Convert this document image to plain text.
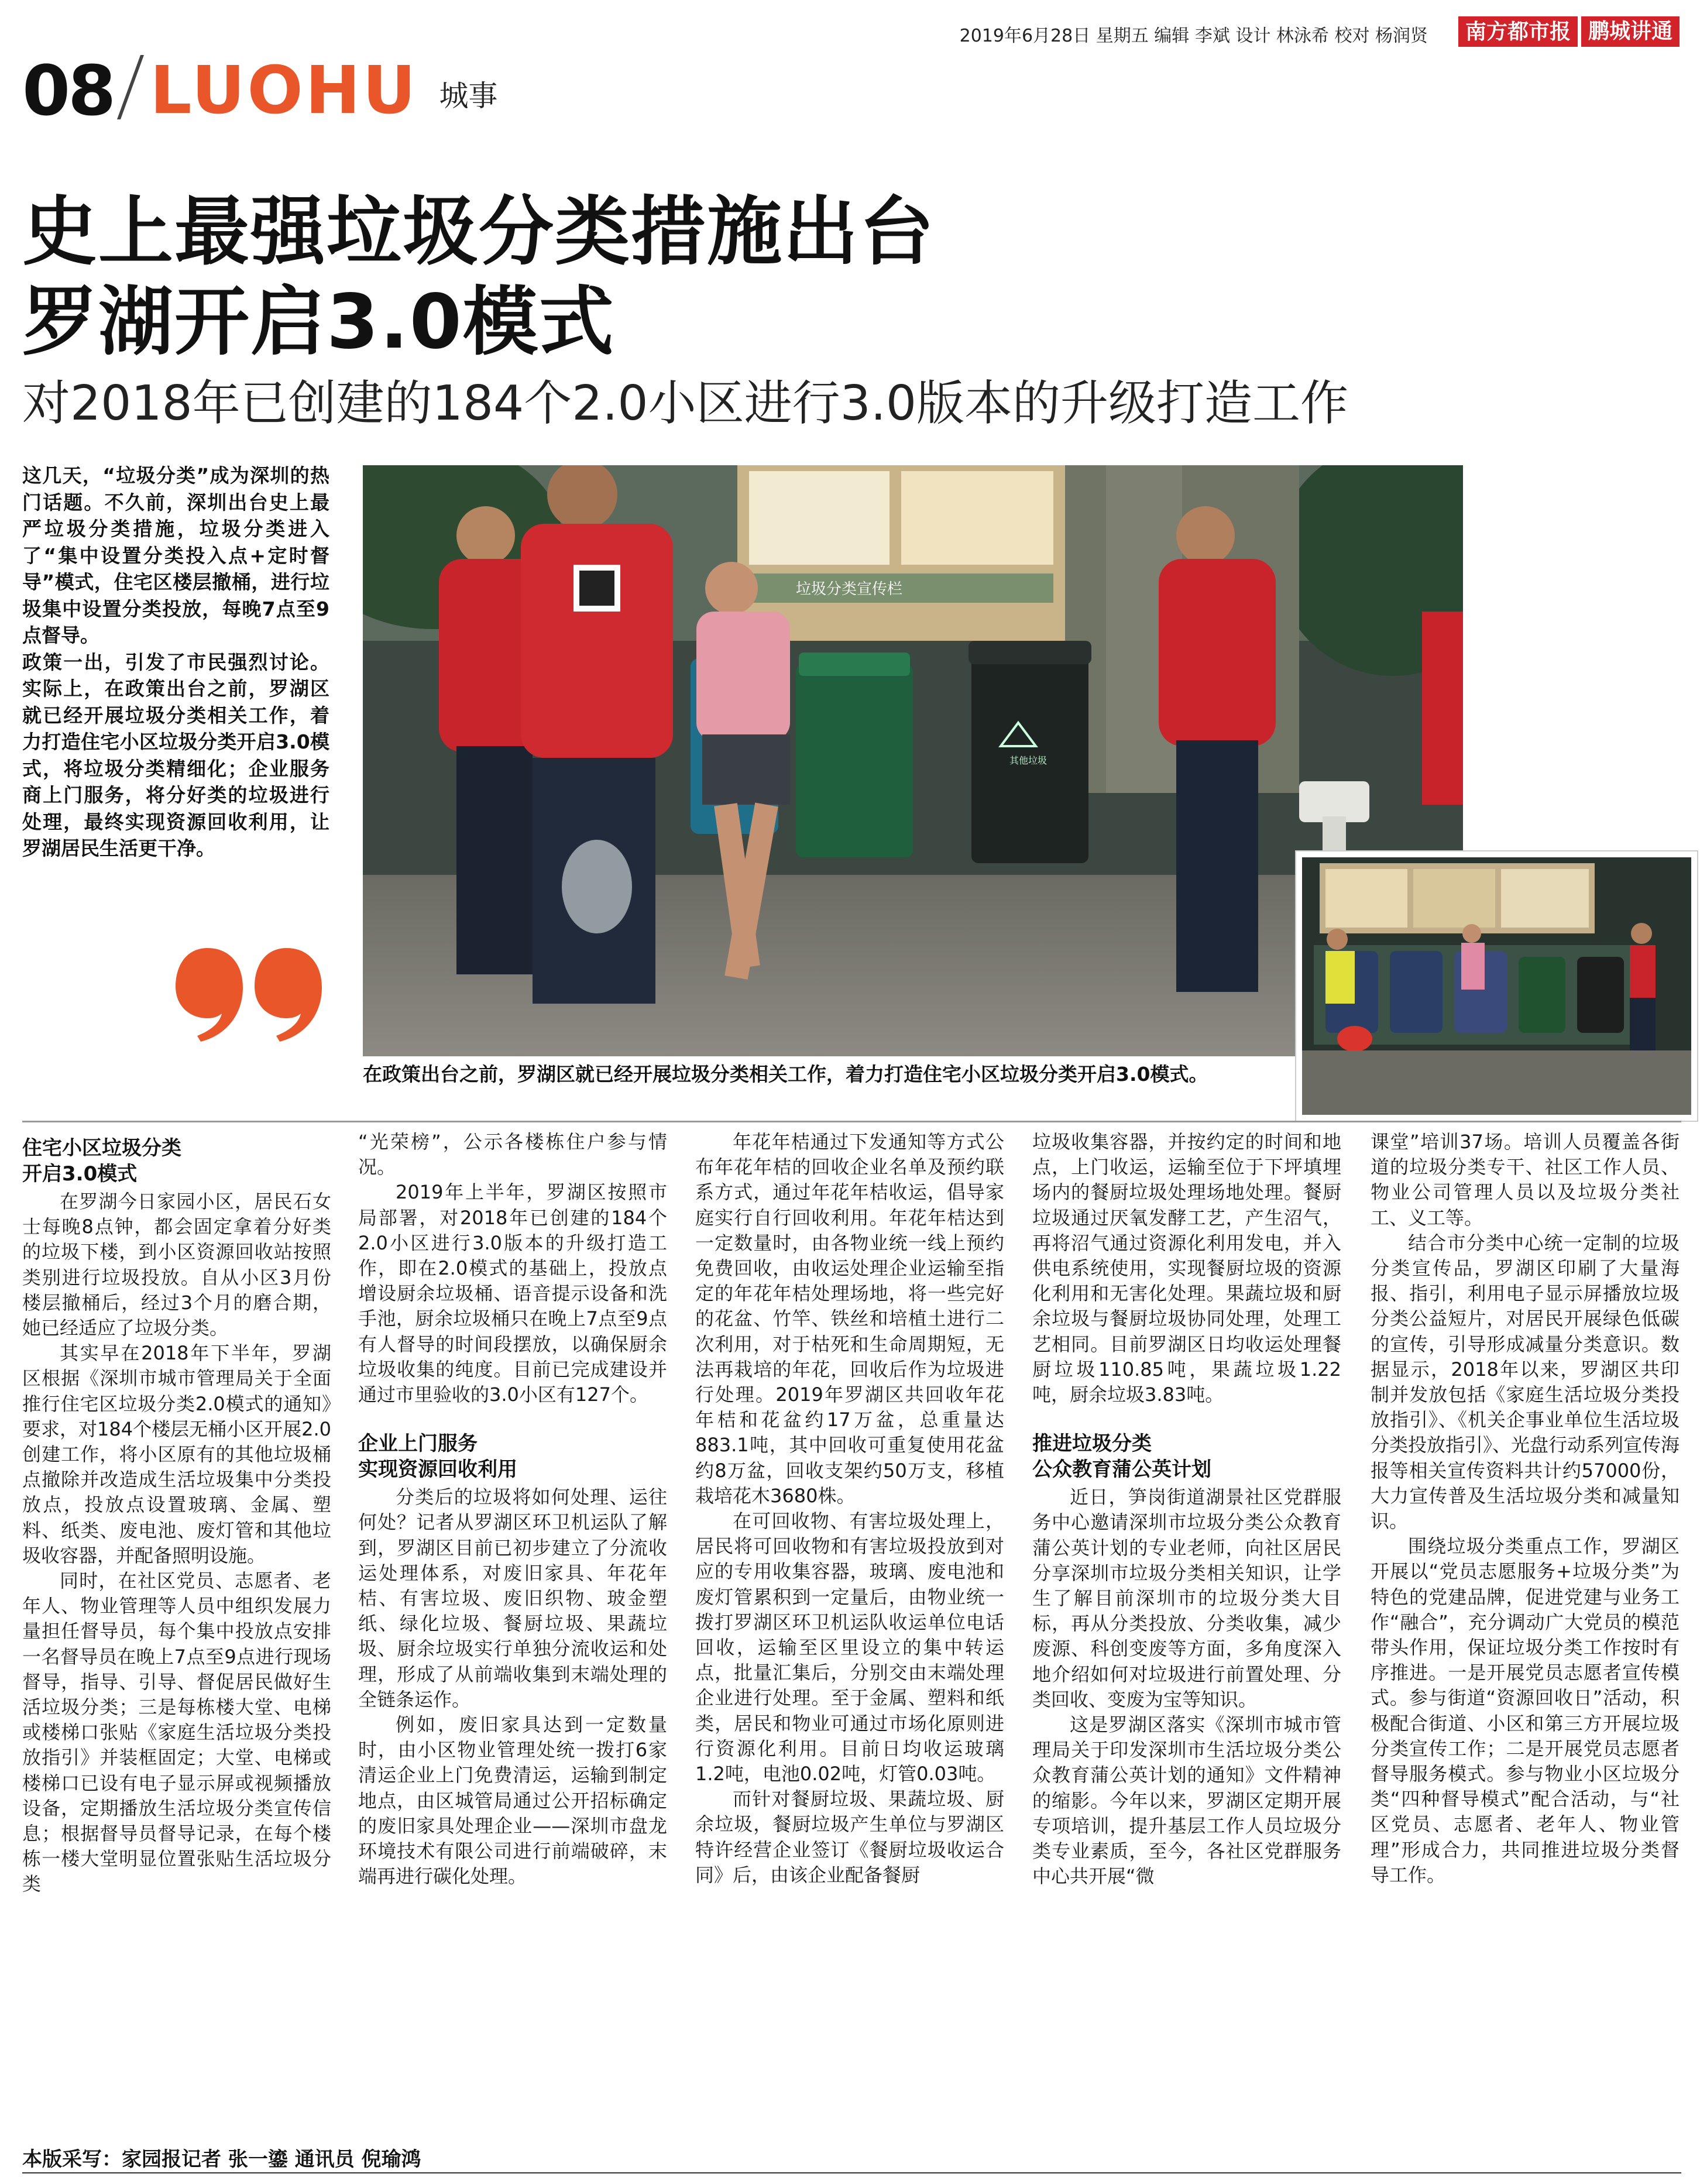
2019年6月28日 星期五 编辑 李斌 设计 林泳希 校对 杨润贤	南方都市报 鹏城讲通
08 LUOHU 城事
史上最强垃圾分类措施出台
罗湖开启3.0模式
对2018年已创建的184个2.0小区进行3.0版本的升级打造工作

这几天，“垃圾分类”成为深圳的热门话题。不久前，深圳出台史上最严垃圾分类措施，垃圾分类进入了“集中设置分类投入点+定时督导”模式，住宅区楼层撤桶，进行垃圾集中设置分类投放，每晚7点至9点督导。

政策一出，引发了市民强烈讨论。实际上，在政策出台之前，罗湖区就已经开展垃圾分类相关工作，着力打造住宅小区垃圾分类开启3.0模式，将垃圾分类精细化；企业服务商上门服务，将分好类的垃圾进行处理，最终实现资源回收利用，让罗湖居民生活更干净。

垃圾分类宣传栏
其他垃圾
在政策出台之前，罗湖区就已经开展垃圾分类相关工作，着力打造住宅小区垃圾分类开启3.0模式。
住宅小区垃圾分类
开启3.0模式

在罗湖今日家园小区，居民石女士每晚8点钟，都会固定拿着分好类的垃圾下楼，到小区资源回收站按照类别进行垃圾投放。自从小区3月份楼层撤桶后，经过3个月的磨合期，她已经适应了垃圾分类。

其实早在2018年下半年，罗湖区根据《深圳市城市管理局关于全面推行住宅区垃圾分类2.0模式的通知》要求，对184个楼层无桶小区开展2.0创建工作，将小区原有的其他垃圾桶点撤除并改造成生活垃圾集中分类投放点，投放点设置玻璃、金属、塑料、纸类、废电池、废灯管和其他垃圾收容器，并配备照明设施。

同时，在社区党员、志愿者、老年人、物业管理等人员中组织发展力量担任督导员，每个集中投放点安排一名督导员在晚上7点至9点进行现场督导，指导、引导、督促居民做好生活垃圾分类；三是每栋楼大堂、电梯或楼梯口张贴《家庭生活垃圾分类投放指引》并装框固定；大堂、电梯或楼梯口已设有电子显示屏或视频播放设备，定期播放生活垃圾分类宣传信息；根据督导员督导记录，在每个楼栋一楼大堂明显位置张贴生活垃圾分类

“光荣榜”，公示各楼栋住户参与情况。

2019年上半年，罗湖区按照市局部署，对2018年已创建的184个2.0小区进行3.0版本的升级打造工作，即在2.0模式的基础上，投放点增设厨余垃圾桶、语音提示设备和洗手池，厨余垃圾桶只在晚上7点至9点有人督导的时间段摆放，以确保厨余垃圾收集的纯度。目前已完成建设并通过市里验收的3.0小区有127个。

企业上门服务
实现资源回收利用

分类后的垃圾将如何处理、运往何处？记者从罗湖区环卫机运队了解到，罗湖区目前已初步建立了分流收运处理体系，对废旧家具、年花年桔、有害垃圾、废旧织物、玻金塑纸、绿化垃圾、餐厨垃圾、果蔬垃圾、厨余垃圾实行单独分流收运和处理，形成了从前端收集到末端处理的全链条运作。

例如，废旧家具达到一定数量时，由小区物业管理处统一拨打6家清运企业上门免费清运，运输到制定地点，由区城管局通过公开招标确定的废旧家具处理企业——深圳市盘龙环境技术有限公司进行前端破碎，末端再进行碳化处理。

年花年桔通过下发通知等方式公布年花年桔的回收企业名单及预约联系方式，通过年花年桔收运，倡导家庭实行自行回收利用。年花年桔达到一定数量时，由各物业统一线上预约免费回收，由收运处理企业运输至指定的年花年桔处理场地，将一些完好的花盆、竹竿、铁丝和培植土进行二次利用，对于枯死和生命周期短，无法再栽培的年花，回收后作为垃圾进行处理。2019年罗湖区共回收年花年桔和花盆约17万盆，总重量达883.1吨，其中回收可重复使用花盆约8万盆，回收支架约50万支，移植栽培花木3680株。

在可回收物、有害垃圾处理上，居民将可回收物和有害垃圾投放到对应的专用收集容器，玻璃、废电池和废灯管累积到一定量后，由物业统一拨打罗湖区环卫机运队收运单位电话回收，运输至区里设立的集中转运点，批量汇集后，分别交由末端处理企业进行处理。至于金属、塑料和纸类，居民和物业可通过市场化原则进行资源化利用。目前日均收运玻璃1.2吨，电池0.02吨，灯管0.03吨。

而针对餐厨垃圾、果蔬垃圾、厨余垃圾，餐厨垃圾产生单位与罗湖区特许经营企业签订《餐厨垃圾收运合同》后，由该企业配备餐厨

垃圾收集容器，并按约定的时间和地点，上门收运，运输至位于下坪填埋场内的餐厨垃圾处理场地处理。餐厨垃圾通过厌氧发酵工艺，产生沼气，再将沼气通过资源化利用发电，并入供电系统使用，实现餐厨垃圾的资源化利用和无害化处理。果蔬垃圾和厨余垃圾与餐厨垃圾协同处理，处理工艺相同。目前罗湖区日均收运处理餐厨垃圾110.85吨，果蔬垃圾1.22吨，厨余垃圾3.83吨。

推进垃圾分类
公众教育蒲公英计划

近日，笋岗街道湖景社区党群服务中心邀请深圳市垃圾分类公众教育蒲公英计划的专业老师，向社区居民分享深圳市垃圾分类相关知识，让学生了解目前深圳市的垃圾分类大目标，再从分类投放、分类收集，减少废源、科创变废等方面，多角度深入地介绍如何对垃圾进行前置处理、分类回收、变废为宝等知识。

这是罗湖区落实《深圳市城市管理局关于印发深圳市生活垃圾分类公众教育蒲公英计划的通知》文件精神的缩影。今年以来，罗湖区定期开展专项培训，提升基层工作人员垃圾分类专业素质，至今，各社区党群服务中心共开展“微

课堂”培训37场。培训人员覆盖各街道的垃圾分类专干、社区工作人员、物业公司管理人员以及垃圾分类社工、义工等。

结合市分类中心统一定制的垃圾分类宣传品，罗湖区印刷了大量海报、指引，利用电子显示屏播放垃圾分类公益短片，对居民开展绿色低碳的宣传，引导形成减量分类意识。数据显示，2018年以来，罗湖区共印制并发放包括《家庭生活垃圾分类投放指引》、《机关企事业单位生活垃圾分类投放指引》、光盘行动系列宣传海报等相关宣传资料共计约57000份，大力宣传普及生活垃圾分类和减量知识。

围绕垃圾分类重点工作，罗湖区开展以“党员志愿服务+垃圾分类”为特色的党建品牌，促进党建与业务工作“融合”，充分调动广大党员的模范带头作用，保证垃圾分类工作按时有序推进。一是开展党员志愿者宣传模式。参与街道“资源回收日”活动，积极配合街道、小区和第三方开展垃圾分类宣传工作；二是开展党员志愿者督导服务模式。参与物业小区垃圾分类“四种督导模式”配合活动，与“社区党员、志愿者、老年人、物业管理”形成合力，共同推进垃圾分类督导工作。

本版采写：家园报记者 张一鎏 通讯员 倪瑜鸿
